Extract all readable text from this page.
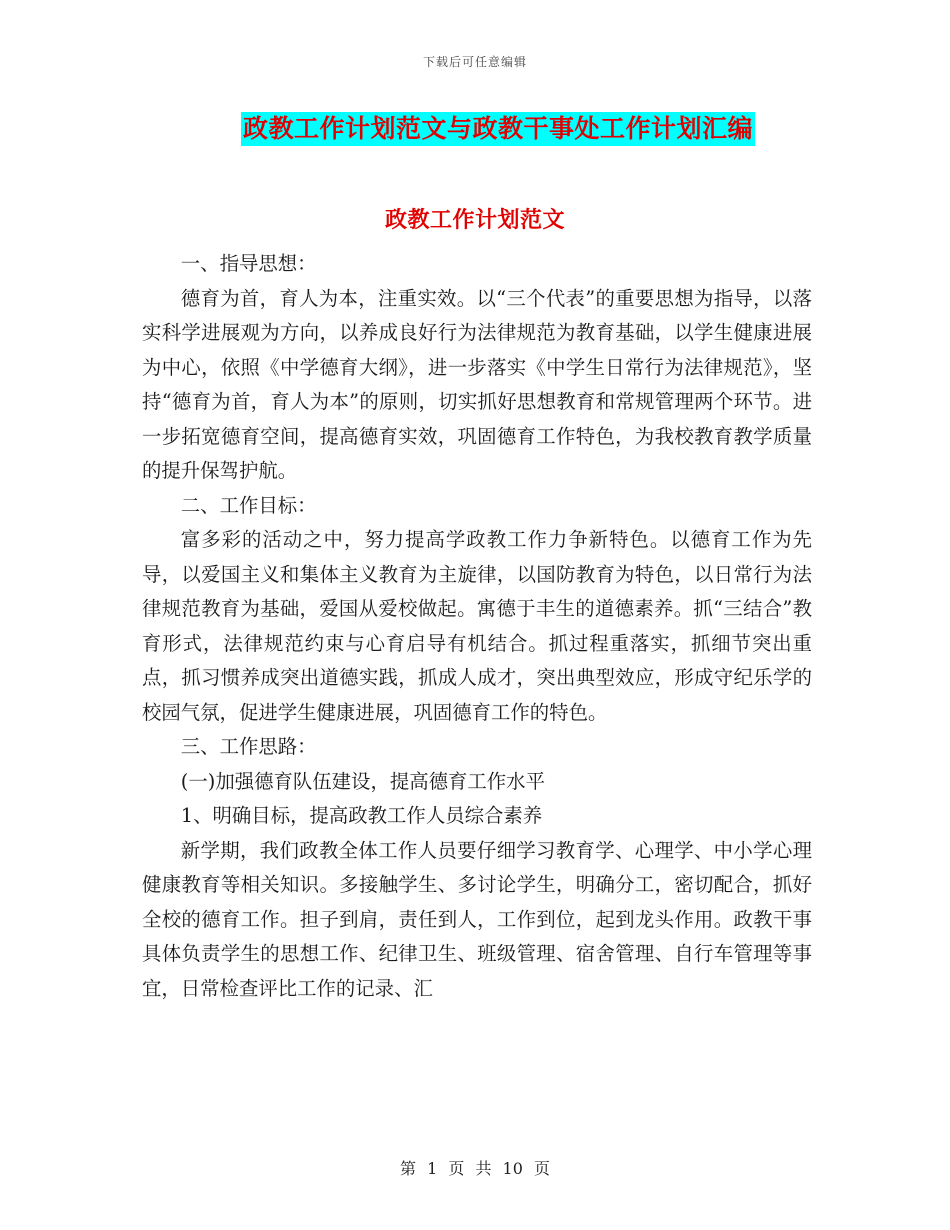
下载后可任意编辑
政教工作计划范文与政教干事处工作计划汇编
政教工作计划范文

一、指导思想：

德育为首，育人为本，注重实效。以“三个代表”的重要思想为指导，以落实科学进展观为方向，以养成良好行为法律规范为教育基础，以学生健康进展为中心，依照《中学德育大纲》，进一步落实《中学生日常行为法律规范》，坚持“德育为首，育人为本”的原则，切实抓好思想教育和常规管理两个环节。进一步拓宽德育空间，提高德育实效，巩固德育工作特色，为我校教育教学质量的提升保驾护航。

二、工作目标：

富多彩的活动之中，努力提高学政教工作力争新特色。以德育工作为先导，以爱国主义和集体主义教育为主旋律，以国防教育为特色，以日常行为法律规范教育为基础，爱国从爱校做起。寓德于丰生的道德素养。抓“三结合”教育形式，法律规范约束与心育启导有机结合。抓过程重落实，抓细节突出重点，抓习惯养成突出道德实践，抓成人成才，突出典型效应，形成守纪乐学的校园气氛，促进学生健康进展，巩固德育工作的特色。

三、工作思路：

(一)加强德育队伍建设，提高德育工作水平

1、明确目标，提高政教工作人员综合素养

新学期，我们政教全体工作人员要仔细学习教育学、心理学、中小学心理健康教育等相关知识。多接触学生、多讨论学生，明确分工，密切配合，抓好全校的德育工作。担子到肩，责任到人，工作到位，起到龙头作用。政教干事具体负责学生的思想工作、纪律卫生、班级管理、宿舍管理、自行车管理等事宜，日常检查评比工作的记录、汇

第 1 页 共 10 页
